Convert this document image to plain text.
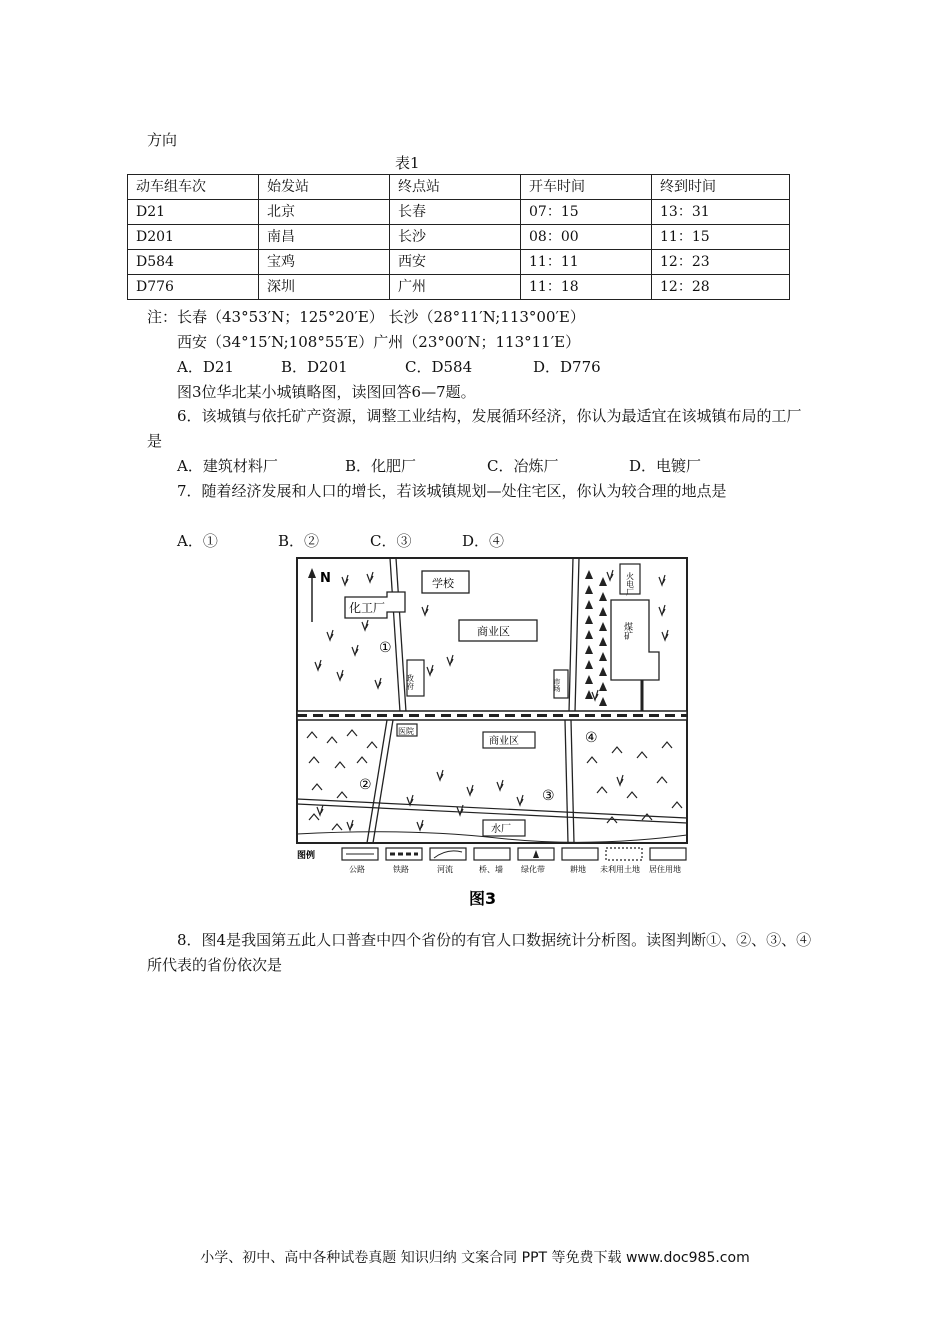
方向
表1
动车组车次	始发站	终点站	开车时间	终到时间
D21	北京	长春	07：15	13：31
D201	南昌	长沙	08：00	11：15
D584	宝鸡	西安	11：11	12：23
D776	深圳	广州	11：18	12：28
注：长春（43°53′N；125°20′E） 长沙（28°11′N;113°00′E）
西安（34°15′N;108°55′E）广州（23°00′N；113°11′E）
A．D21	B．D201	C．D584	D．D776
图3位华北某小城镇略图，读图回答6—7题。
6．该城镇与依托矿产资源，调整工业结构，发展循环经济，你认为最适宜在该城镇布局的工厂是
A．建筑材料厂	B．化肥厂	C．冶炼厂	D．电镀厂
7．随着经济发展和人口的增长，若该城镇规划—处住宅区，你认为较合理的地点是
A．①	B．②	C．③	D．④
N
化工厂
学校
商业区
政府	市场
火电厂
煤矿
医院
商业区
水厂
①
②
③
④
图例
公路	铁路	河流	桥、墙 绿化带	耕地 未利用土地 居住用地
图3
8．图4是我国第五此人口普查中四个省份的有官人口数据统计分析图。读图判断①、②、③、④所代表的省份依次是
小学、初中、高中各种试卷真题 知识归纳 文案合同 PPT 等免费下载 www.doc985.com
